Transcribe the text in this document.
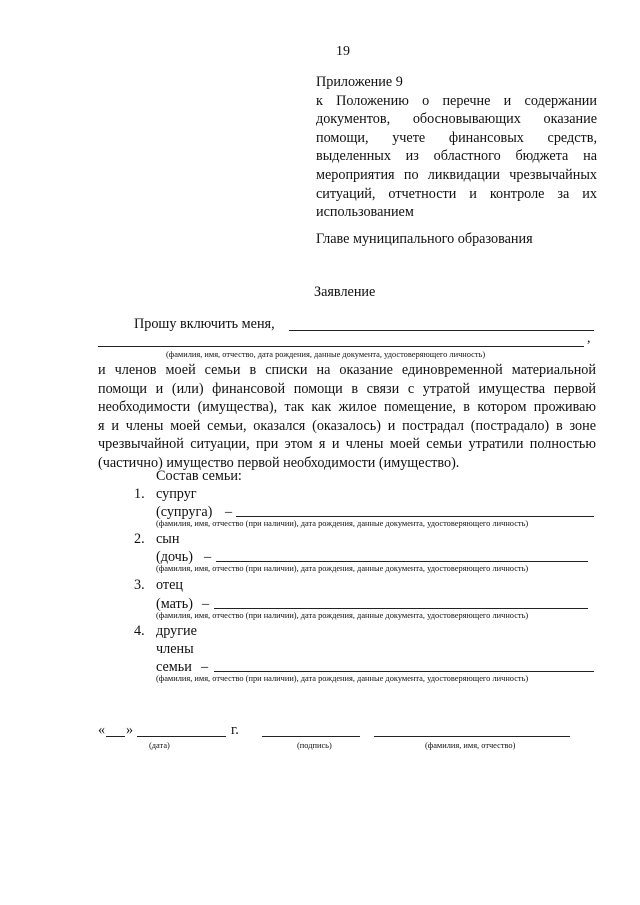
19
Приложение 9
к Положению о перечне и содержании
документов, обосновывающих оказание
помощи, учете финансовых средств,
выделенных из областного бюджета на
мероприятия по ликвидации чрезвычайных
ситуаций, отчетности и контроле за их
использованием
Главе муниципального образования
Заявление
Прошу включить меня,
,
(фамилия, имя, отчество, дата рождения, данные документа, удостоверяющего личность)
и членов моей семьи в списки на оказание единовременной материальной
помощи и (или) финансовой помощи в связи с утратой имущества первой
необходимости (имущества), так как жилое помещение, в котором проживаю
я и члены моей семьи, оказался (оказалось) и пострадал (пострадало) в зоне
чрезвычайной ситуации, при этом я и члены моей семьи утратили полностью
(частично) имущество первой необходимости (имущество).
Состав семьи:
1. супруг
(супруга) –
(фамилия, имя, отчество (при наличии), дата рождения, данные документа, удостоверяющего личность)
2. сын
(дочь) –
(фамилия, имя, отчество (при наличии), дата рождения, данные документа, удостоверяющего личность)
3. отец
(мать) –
(фамилия, имя, отчество (при наличии), дата рождения, данные документа, удостоверяющего личность)
4. другие
члены
семьи –
(фамилия, имя, отчество (при наличии), дата рождения, данные документа, удостоверяющего личность)
« »	г.
(дата)	(подпись)	(фамилия, имя, отчество)
